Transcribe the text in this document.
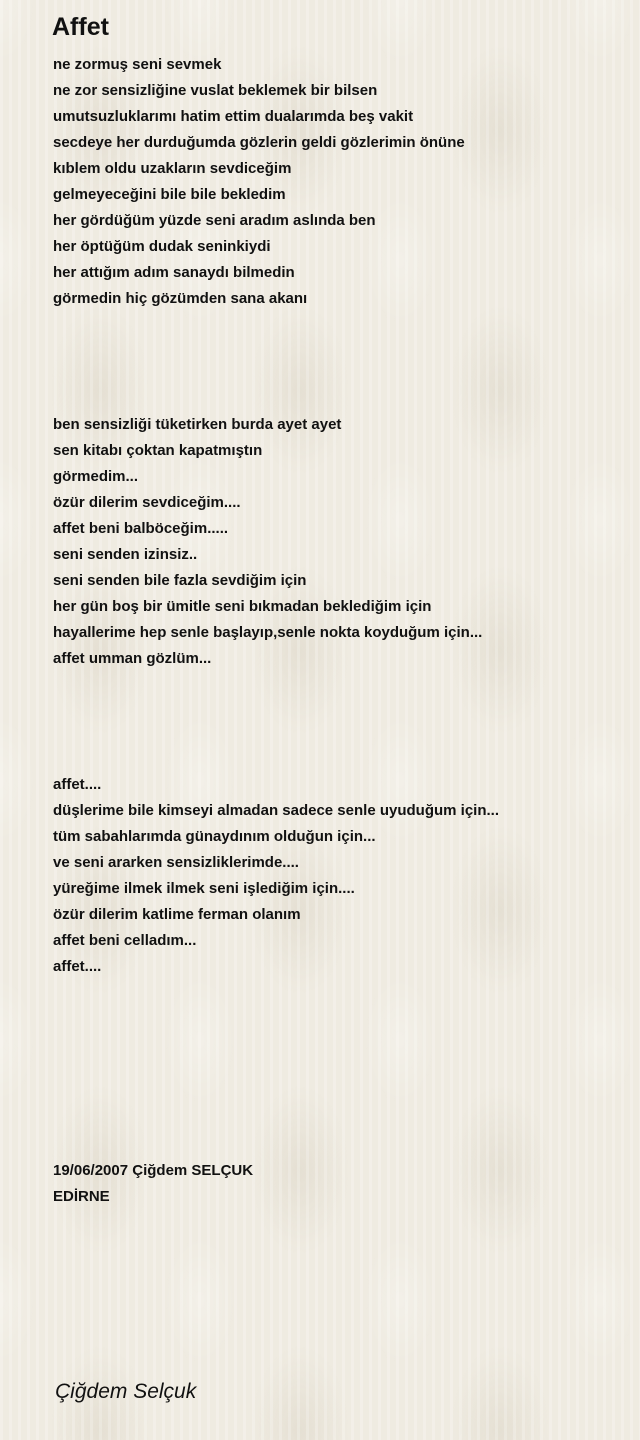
Affet
ne zormuş seni sevmek
ne zor sensizliğine vuslat beklemek bir bilsen
umutsuzluklarımı hatim ettim dualarımda beş vakit
secdeye her durduğumda gözlerin geldi gözlerimin önüne
kıblem oldu uzakların sevdiceğim
gelmeyeceğini bile bile bekledim
her gördüğüm yüzde seni aradım aslında ben
her öptüğüm dudak seninkiydi
her attığım adım sanaydı bilmedin
görmedin hiç gözümden sana akanı
ben sensizliği tüketirken burda ayet ayet
sen kitabı çoktan kapatmıştın
görmedim...
özür dilerim sevdiceğim....
affet beni balböceğim.....
seni senden izinsiz..
seni senden bile fazla sevdiğim için
her gün boş bir ümitle seni bıkmadan beklediğim için
hayallerime hep senle başlayıp,senle nokta koyduğum için...
affet umman gözlüm...
affet....
düşlerime bile kimseyi almadan sadece senle uyuduğum için...
tüm sabahlarımda günaydınım olduğun için...
ve seni ararken sensizliklerimde....
yüreğime ilmek ilmek seni işlediğim için....
özür dilerim katlime ferman olanım
affet beni celladım...
affet....
19/06/2007 Çiğdem SELÇUK
EDİRNE
Çiğdem Selçuk
